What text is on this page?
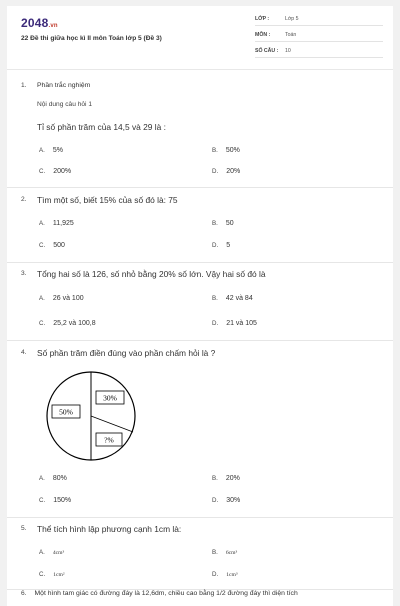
2048.vn
22 Đề thi giữa học kì II môn Toán lớp 5 (Đề 3)
LỚP :	Lớp 5
MÔN :	Toán
SỐ CÂU : 10
1. Phần trắc nghiệm
Nội dung câu hỏi 1
Tỉ số phần trăm của 14,5 và 29 là :
A. 5%	B. 50%
C. 200%	D. 20%
2. Tìm một số, biết 15% của số đó là: 75
A. 11,925	B. 50
C. 500	D. 5
3. Tổng hai số là 126, số nhỏ bằng 20% số lớn. Vậy hai số đó là
A. 26 và 100	B. 42 và 84
C. 25,2 và 100,8	D. 21 và 105
4. Số phần trăm điền đúng vào phần chấm hỏi là ?
50%
30%
?%
A. 80%	B. 20%
C. 150%	D. 30%
5. Thể tích hình lập phương cạnh 1cm là:
A. 4cm³	B. 6cm³
C. 1cm²	D. 1cm³
6. Một hình tam giác có đường đáy là 12,6dm, chiều cao bằng 1/2 đường đáy thì diện tích
